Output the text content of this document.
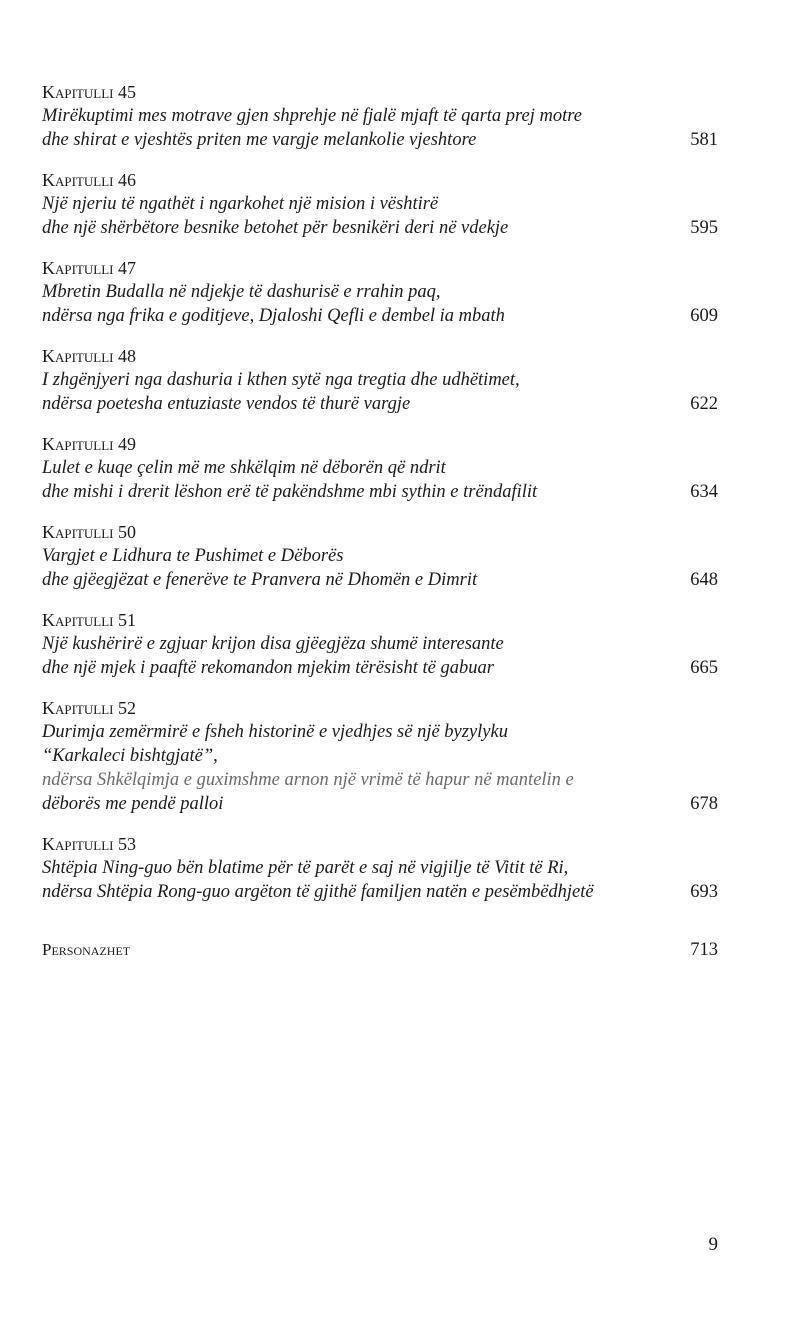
Kapitulli 45
Mirëkuptimi mes motrave gjen shprehje në fjalë mjaft të qarta prej motre
dhe shirat e vjeshtës priten me vargje melankolie vjeshtore	581
Kapitulli 46
Një njeriu të ngathët i ngarkohet një mision i vështirë
dhe një shërbëtore besnike betohet për besnikëri deri në vdekje	595
Kapitulli 47
Mbretin Budalla në ndjekje të dashurisë e rrahin paq,
ndërsa nga frika e goditjeve, Djaloshi Qefli e dembel ia mbath	609
Kapitulli 48
I zhgënjyeri nga dashuria i kthen sytë nga tregtia dhe udhëtimet,
ndërsa poetesha entuziaste vendos të thurë vargje	622
Kapitulli 49
Lulet e kuqe çelin më me shkëlqim në dëborën që ndrit
dhe mishi i drerit lëshon erë të pakëndshme mbi sythin e trëndafilit	634
Kapitulli 50
Vargjet e Lidhura te Pushimet e Dëborës
dhe gjëegjëzat e fenerëve te Pranvera në Dhomën e Dimrit	648
Kapitulli 51
Një kushërirë e zgjuar krijon disa gjëegjëza shumë interesante
dhe një mjek i paaftë rekomandon mjekim tërësisht të gabuar	665
Kapitulli 52
Durimja zemërmirë e fsheh historinë e vjedhjes së një byzylyku
“Karkaleci bishtgjatë”,
ndërsa Shkëlqimja e guximshme arnon një vrimë të hapur në mantelin e
dëborës me pendë palloi	678
Kapitulli 53
Shtëpia Ning-guo bën blatime për të parët e saj në vigjilje të Vitit të Ri,
ndërsa Shtëpia Rong-guo argëton të gjithë familjen natën e pesëmbëdhjetë	693
Personazhet	713
9
